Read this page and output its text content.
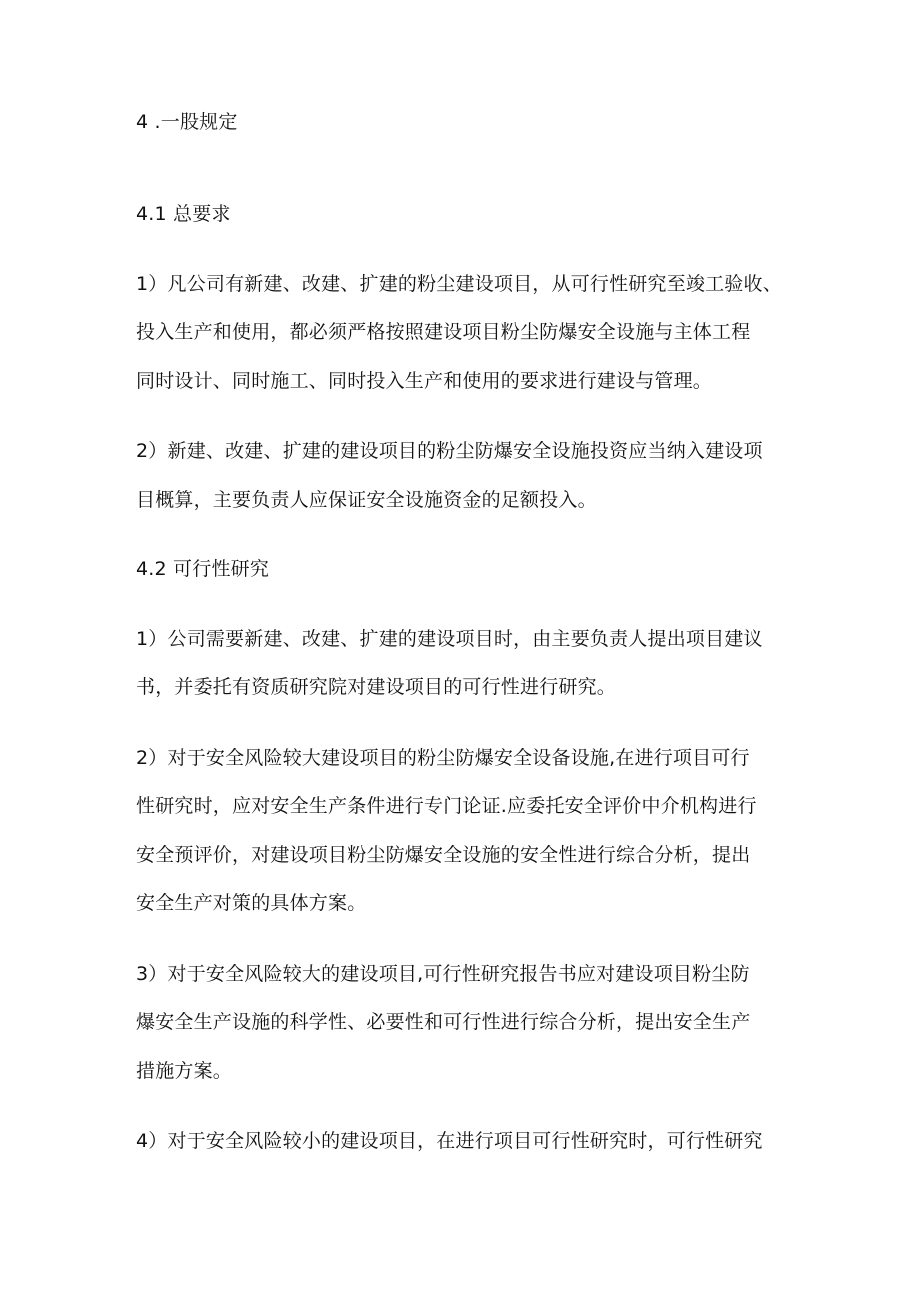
4 .一股规定
4.1 总要求
1）凡公司有新建、改建、扩建的粉尘建设项目，从可行性研究至竣工验收、
投入生产和使用，都必须严格按照建设项目粉尘防爆安全设施与主体工程
同时设计、同时施工、同时投入生产和使用的要求进行建设与管理。
2）新建、改建、扩建的建设项目的粉尘防爆安全设施投资应当纳入建设项
目概算，主要负责人应保证安全设施资金的足额投入。
4.2 可行性研究
1）公司需要新建、改建、扩建的建设项目时，由主要负责人提出项目建议
书，并委托有资质研究院对建设项目的可行性进行研究。
2）对于安全风险较大建设项目的粉尘防爆安全设备设施,在进行项目可行
性研究时，应对安全生产条件进行专门论证.应委托安全评价中介机构进行
安全预评价，对建设项目粉尘防爆安全设施的安全性进行综合分析，提出
安全生产对策的具体方案。
3）对于安全风险较大的建设项目,可行性研究报告书应对建设项目粉尘防
爆安全生产设施的科学性、必要性和可行性进行综合分析，提出安全生产
措施方案。
4）对于安全风险较小的建设项目，在进行项目可行性研究时，可行性研究
